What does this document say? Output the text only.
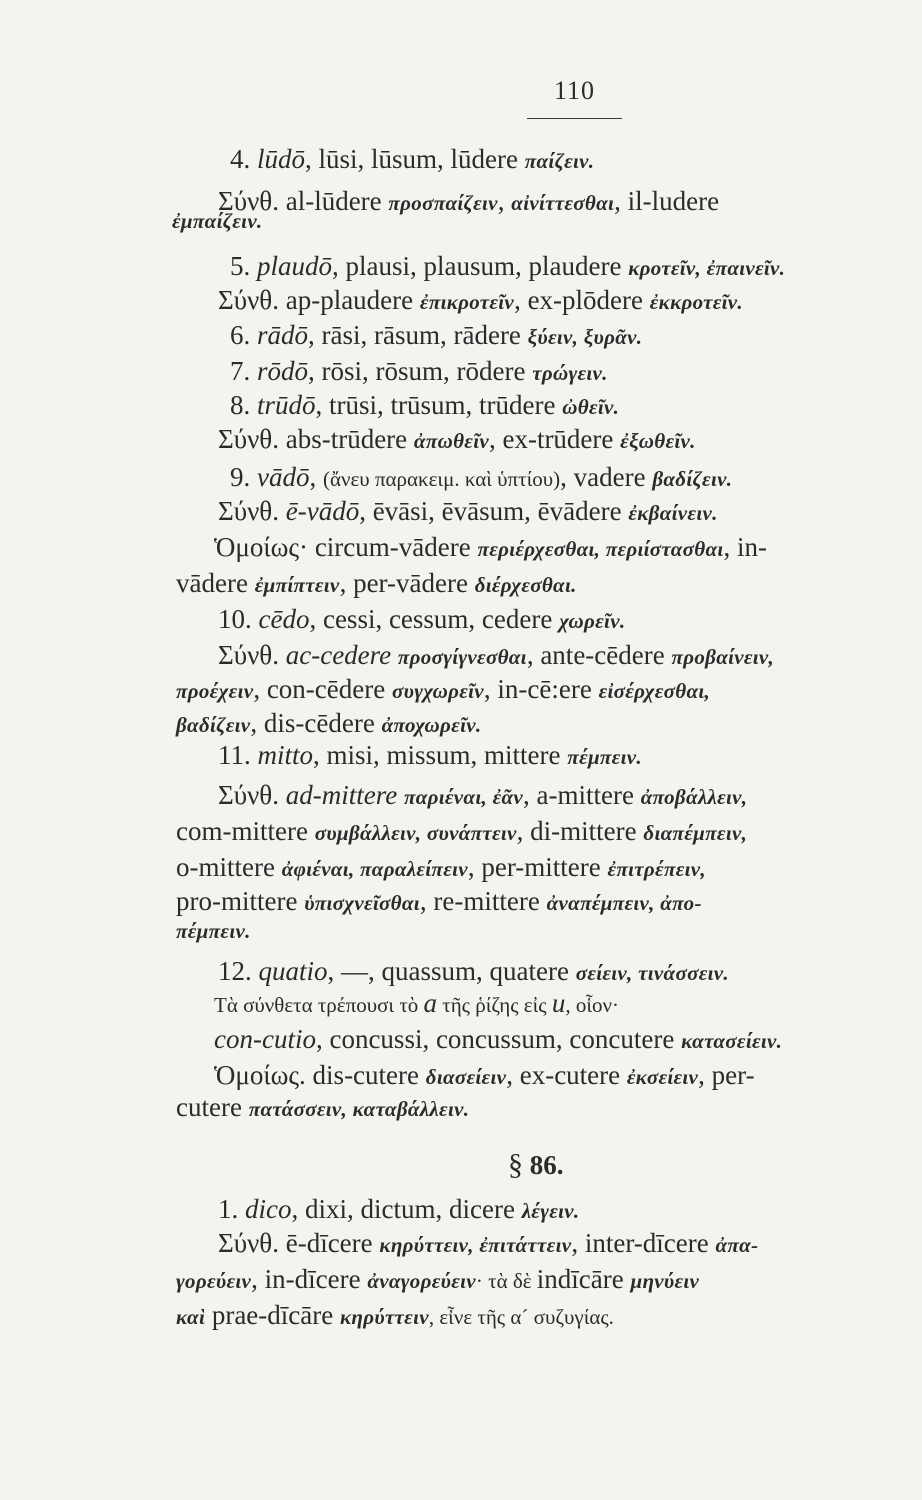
110
4. lūdō, lūsi, lūsum, lūdere παίζειν.
Σύνθ. al-lūdere προσπαίζειν, αἰνίττεσθαι, il-ludere
ἐμπαίζειν.
5. plaudō, plausi, plausum, plaudere κροτεῖν, ἐπαινεῖν.
Σύνθ. ap-plaudere ἐπικροτεῖν, ex-plōdere ἐκκροτεῖν.
6. rādō, rāsi, rāsum, rādere ξύειν, ξυρᾶν.
7. rōdō, rōsi, rōsum, rōdere τρώγειν.
8. trūdō, trūsi, trūsum, trūdere ὠθεῖν.
Σύνθ. abs-trūdere ἀπωθεῖν, ex-trūdere ἐξωθεῖν.
9. vādō, (ἄνευ παρακειμ. καὶ ὑπτίου), vadere βαδίζειν.
Σύνθ. ē-vādō, ēvāsi, ēvāsum, ēvādere ἐκβαίνειν.
Ὁμοίως· circum-vādere περιέρχεσθαι, περιίστασθαι, in-
vādere ἐμπίπτειν, per-vādere διέρχεσθαι.
10. cēdo, cessi, cessum, cedere χωρεῖν.
Σύνθ. ac-cedere προσγίγνεσθαι, ante-cēdere προβαίνειν,
προέχειν, con-cēdere συγχωρεῖν, in-cē:ere εἰσέρχεσθαι,
βαδίζειν, dis-cēdere ἀποχωρεῖν.
11. mitto, misi, missum, mittere πέμπειν.
Σύνθ. ad-mittere παριέναι, ἐᾶν, a-mittere ἀποβάλλειν,
com-mittere συμβάλλειν, συνάπτειν, di-mittere διαπέμπειν,
o-mittere ἀφιέναι, παραλείπειν, per-mittere ἐπιτρέπειν,
pro-mittere ὑπισχνεῖσθαι, re-mittere ἀναπέμπειν, ἀπο-
πέμπειν.
12. quatio, —, quassum, quatere σείειν, τινάσσειν.
Τὰ σύνθετα τρέπουσι τὸ a τῆς ῥίζης εἰς u, οἷον·
con-cutio, concussi, concussum, concutere κατασείειν.
Ὁμοίως. dis-cutere διασείειν, ex-cutere ἐκσείειν, per-
cutere πατάσσειν, καταβάλλειν.
§ 86.
1. dico, dixi, dictum, dicere λέγειν.
Σύνθ. ē-dīcere κηρύττειν, ἐπιτάττειν, inter-dīcere ἀπα-
γορεύειν, in-dīcere ἀναγορεύειν· τὰ δὲ indīcāre μηνύειν
καὶ prae-dīcāre κηρύττειν, εἶνε τῆς α´ συζυγίας.
